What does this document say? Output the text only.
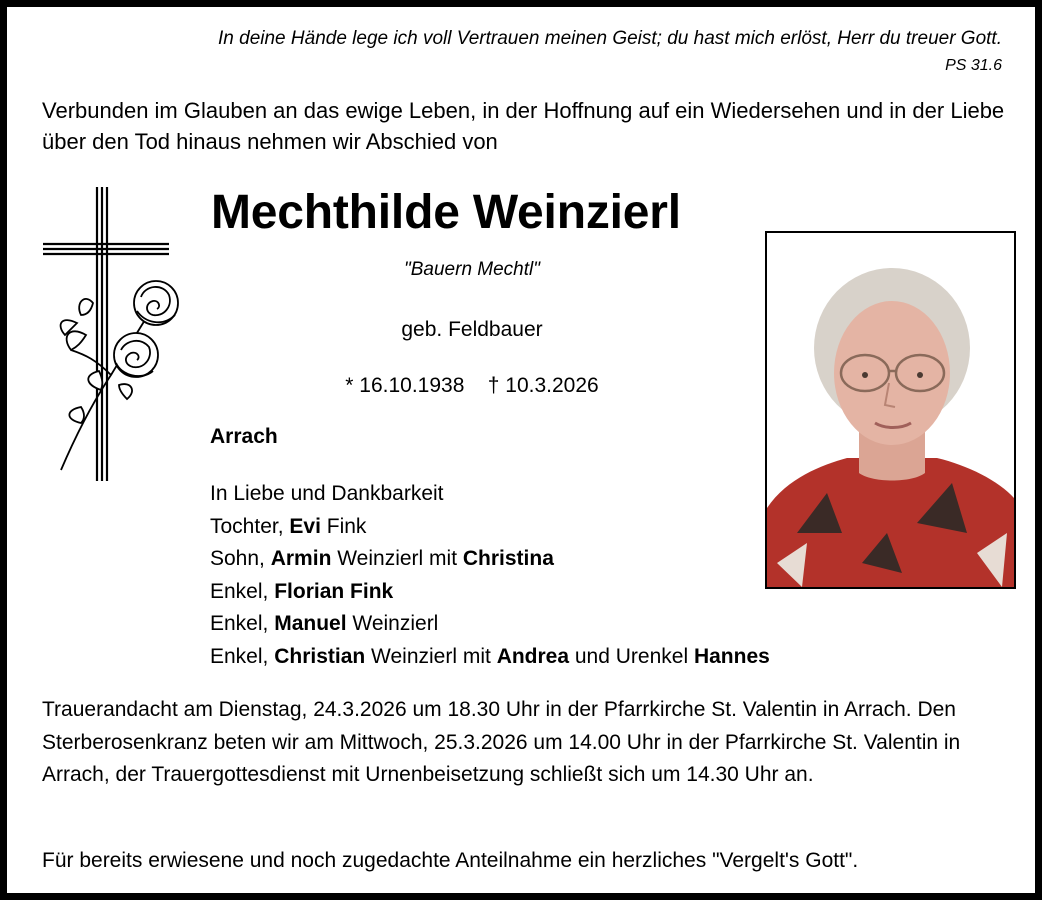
In deine Hände lege ich voll Vertrauen meinen Geist; du hast mich erlöst, Herr du treuer Gott.
PS 31.6
Verbunden im Glauben an das ewige Leben, in der Hoffnung auf ein Wiedersehen und in der Liebe über den Tod hinaus nehmen wir Abschied von
Mechthilde Weinzierl
"Bauern Mechtl"
geb. Feldbauer
* 16.10.1938 † 10.3.2026
Arrach
In Liebe und Dankbarkeit
Tochter, Evi Fink
Sohn, Armin Weinzierl mit Christina
Enkel, Florian Fink
Enkel, Manuel Weinzierl
Enkel, Christian Weinzierl mit Andrea und Urenkel Hannes
Trauerandacht am Dienstag, 24.3.2026 um 18.30 Uhr in der Pfarrkirche St. Valentin in Arrach. Den Sterberosenkranz beten wir am Mittwoch, 25.3.2026 um 14.00 Uhr in der Pfarrkirche St. Valentin in Arrach, der Trauergottesdienst mit Urnenbeisetzung schließt sich um 14.30 Uhr an.
Für bereits erwiesene und noch zugedachte Anteilnahme ein herzliches "Vergelt's Gott".
